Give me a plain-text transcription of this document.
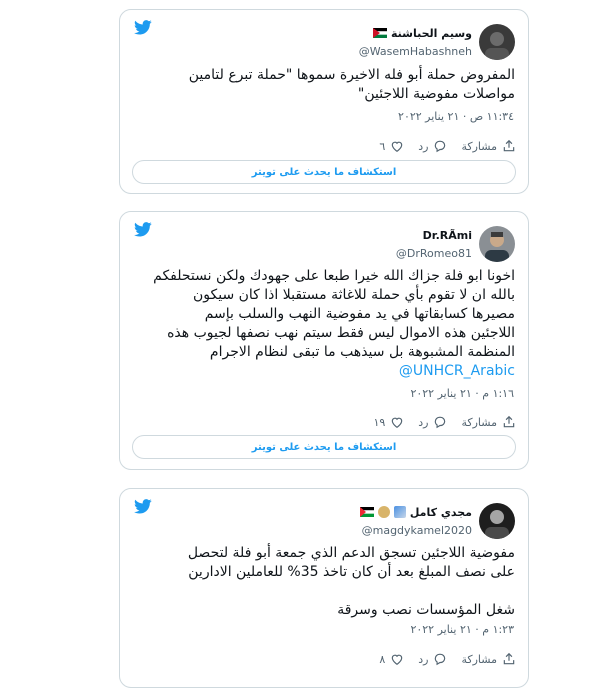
وسيم الحباشنة
@WasemHabashneh

المفروض حملة أبو فله الاخيرة سموها "حملة تبرع لتامين

مواصلات مفوضية اللاجئين"

١١:٣٤ ص · ٢١ يناير ٢٠٢٢
مشاركة
رد
٦
استكشاف ما يحدث على تويتر
Dr.RÃmi
@DrRomeo81

اخونا ابو فلة جزاك الله خيرا طبعا على جهودك ولكن نستحلفكم

بالله ان لا تقوم بأي حملة للاغاثة مستقبلا اذا كان سيكون

مصيرها كسابقاتها في يد مفوضية النهب والسلب بإسم

اللاجئين هذه الاموال ليس فقط سيتم نهب نصفها لجيوب هذه

المنظمة المشبوهة بل سيذهب ما تبقى لنظام الاجرام

@UNHCR_Arabic

١:١٦ م · ٢١ يناير ٢٠٢٢
مشاركة
رد
١٩
استكشاف ما يحدث على تويتر
مجدي كامل
@magdykamel2020

مفوضية اللاجئين تسجق الدعم الذي جمعة أبو فلة لتحصل

على نصف المبلغ بعد أن كان تاخذ 35% للعاملين الادارين

شغل المؤسسات نصب وسرقة

١:٢٣ م · ٢١ يناير ٢٠٢٢
مشاركة
رد
٨
